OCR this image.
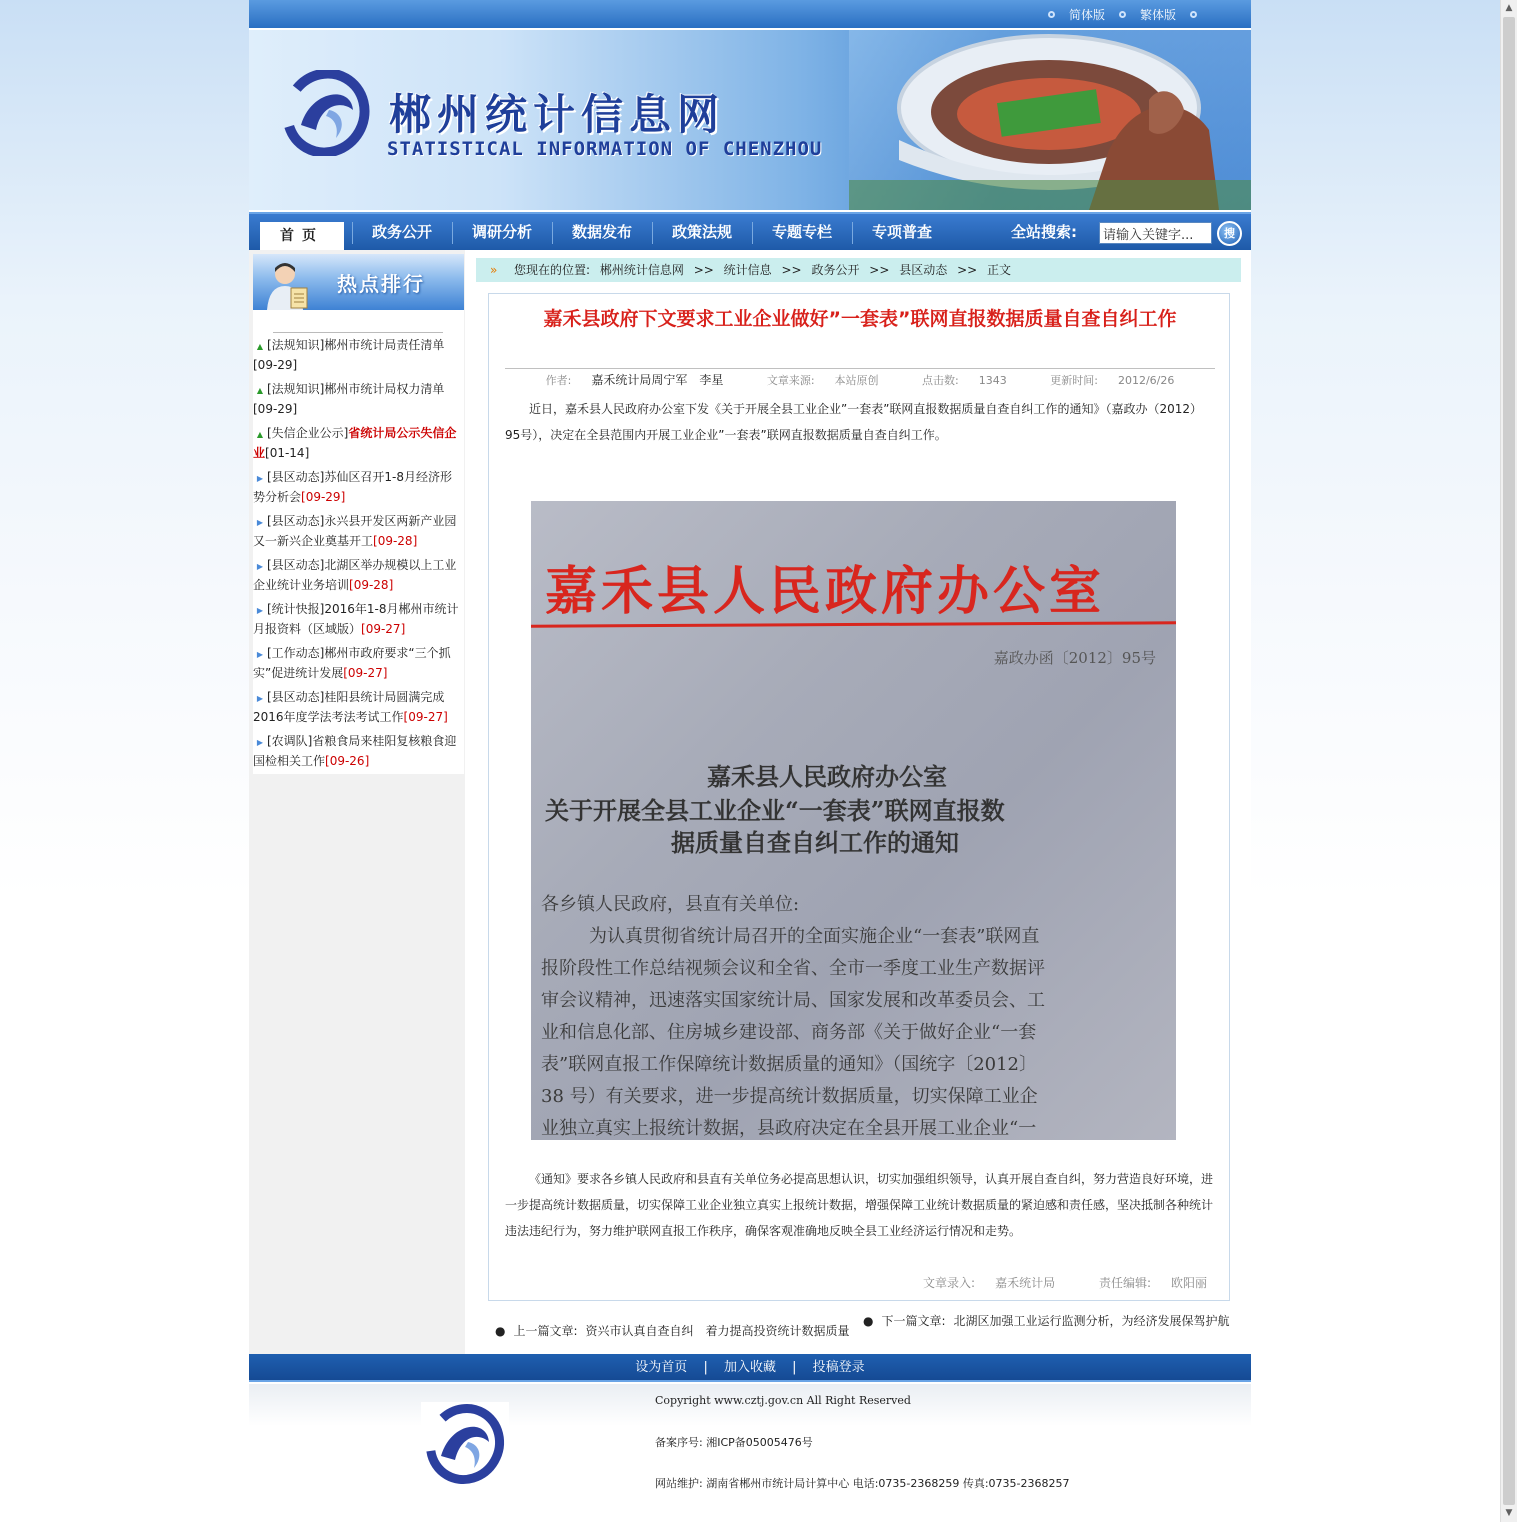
简体版	繁体版
郴州统计信息网
STATISTICAL INFORMATION OF CHENZHOU
首页	政务公开	调研分析	数据发布	政策法规	专题专栏	专项普查	全站搜索:
请输入关键字...	搜
热点排行
▲ [法规知识]郴州市统计局责任清单[09-29]
▲ [法规知识]郴州市统计局权力清单[09-29]
▲ [失信企业公示]省统计局公示失信企业[01-14]
▶ [县区动态]苏仙区召开1-8月经济形势分析会[09-29]
▶ [县区动态]永兴县开发区两新产业园又一新兴企业奠基开工[09-28]
▶ [县区动态]北湖区举办规模以上工业企业统计业务培训[09-28]
▶ [统计快报]2016年1-8月郴州市统计月报资料（区域版）[09-27]
▶ [工作动态]郴州市政府要求“三个抓实”促进统计发展[09-27]
▶ [县区动态]桂阳县统计局圆满完成2016年度学法考法考试工作[09-27]
▶ [农调队]省粮食局来桂阳复核粮食迎国检相关工作[09-26]
» 您现在的位置: 郴州统计信息网 >> 统计信息 >> 政务公开 >> 县区动态 >> 正文
嘉禾县政府下文要求工业企业做好”一套表”联网直报数据质量自查自纠工作
作者: 嘉禾统计局周宁军　李星	文章来源: 本站原创	点击数: 1343	更新时间: 2012/6/26
近日，嘉禾县人民政府办公室下发《关于开展全县工业企业”一套表”联网直报数据质量自查自纠工作的通知》（嘉政办（2012）95号），决定在全县范围内开展工业企业”一套表”联网直报数据质量自查自纠工作。
嘉禾县人民政府办公室
嘉政办函〔2012〕95号
嘉禾县人民政府办公室
关于开展全县工业企业“一套表”联网直报数
据质量自查自纠工作的通知
各乡镇人民政府，县直有关单位:
为认真贯彻省统计局召开的全面实施企业“一套表”联网直
报阶段性工作总结视频会议和全省、全市一季度工业生产数据评
审会议精神，迅速落实国家统计局、国家发展和改革委员会、工
业和信息化部、住房城乡建设部、商务部《关于做好企业“一套
表”联网直报工作保障统计数据质量的通知》（国统字〔2012〕
38 号）有关要求，进一步提高统计数据质量，切实保障工业企
业独立真实上报统计数据，县政府决定在全县开展工业企业“一
《通知》要求各乡镇人民政府和县直有关单位务必提高思想认识，切实加强组织领导，认真开展自查自纠，努力营造良好环境，进一步提高统计数据质量，切实保障工业企业独立真实上报统计数据，增强保障工业统计数据质量的紧迫感和责任感，坚决抵制各种统计违法违纪行为，努力维护联网直报工作秩序，确保客观准确地反映全县工业经济运行情况和走势。
文章录入: 嘉禾统计局	责任编辑: 欧阳丽
● 上一篇文章: 资兴市认真自查自纠　着力提高投资统计数据质量
● 下一篇文章: 北湖区加强工业运行监测分析，为经济发展保驾护航
设为首页 | 加入收藏 | 投稿登录
Copyright www.cztj.gov.cn All Right Reserved
备案序号: 湘ICP备05005476号
网站维护: 湖南省郴州市统计局计算中心 电话:0735-2368259 传真:0735-2368257
▲
▼
